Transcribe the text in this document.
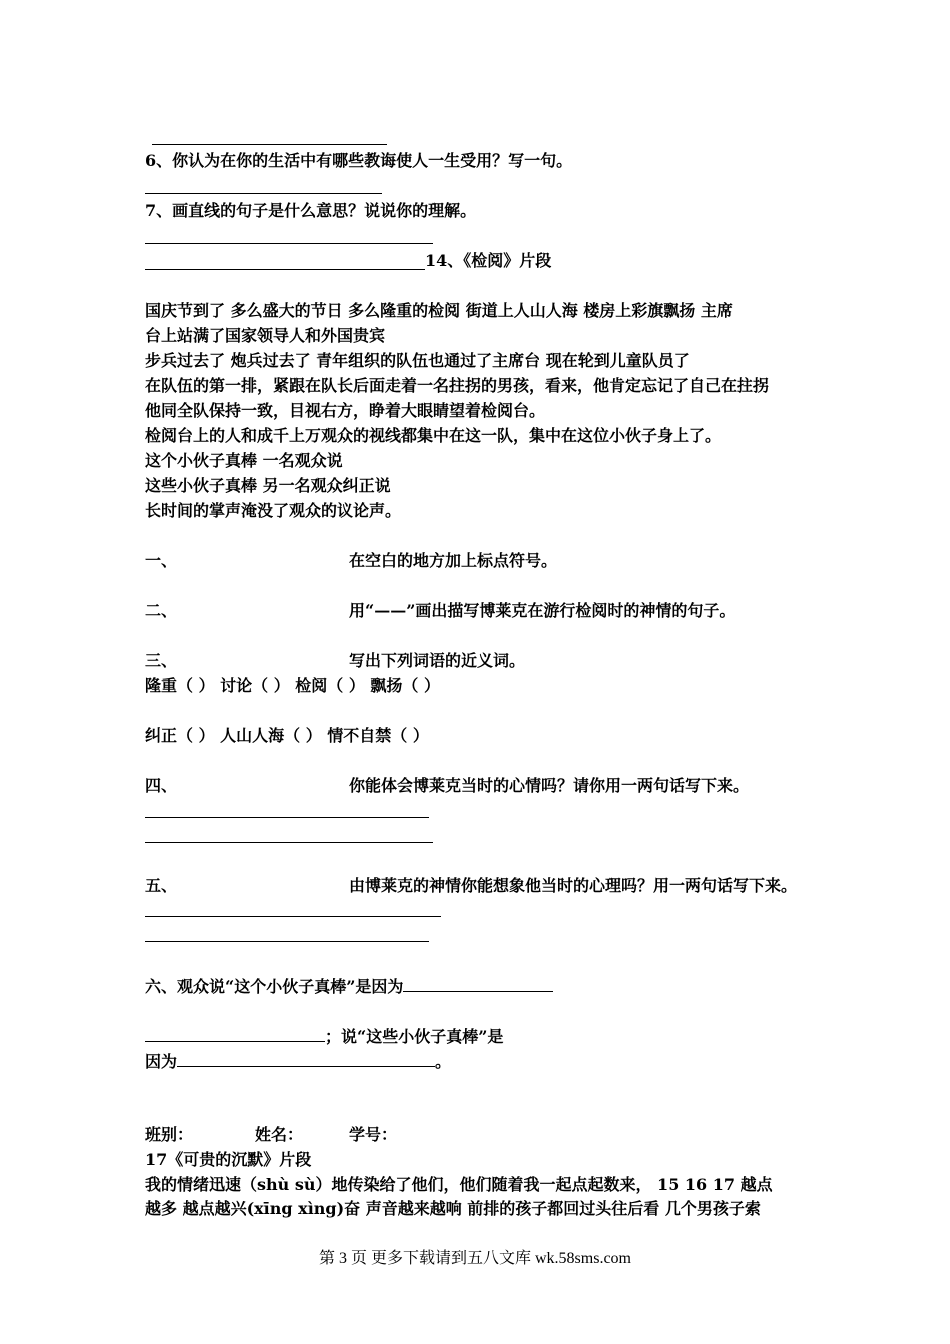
6、你认为在你的生活中有哪些教诲使人一生受用？写一句。
7、画直线的句子是什么意思？说说你的理解。
14、《检阅》片段
国庆节到了 多么盛大的节日 多么隆重的检阅 街道上人山人海 楼房上彩旗飘扬 主席
台上站满了国家领导人和外国贵宾
步兵过去了 炮兵过去了 青年组织的队伍也通过了主席台 现在轮到儿童队员了
在队伍的第一排，紧跟在队长后面走着一名拄拐的男孩，看来，他肯定忘记了自己在拄拐
他同全队保持一致，目视右方，睁着大眼睛望着检阅台。
检阅台上的人和成千上万观众的视线都集中在这一队，集中在这位小伙子身上了。
这个小伙子真棒 一名观众说
这些小伙子真棒 另一名观众纠正说
长时间的掌声淹没了观众的议论声。
一、	在空白的地方加上标点符号。
二、	用“——”画出描写博莱克在游行检阅时的神情的句子。
三、	写出下列词语的近义词。
隆重（ ） 讨论（ ） 检阅（ ） 飘扬（ ）
纠正（ ） 人山人海（ ） 情不自禁（ ）
四、	你能体会博莱克当时的心情吗？请你用一两句话写下来。
五、	由博莱克的神情你能想象他当时的心理吗？用一两句话写下来。
六、观众说“这个小伙子真棒”是因为
；说“这些小伙子真棒”是
因为	。
班别：	姓名：	学号：
17《可贵的沉默》片段
我的情绪迅速（shù sù）地传染给了他们，他们随着我一起点起数来， 15 16 17 越点
越多 越点越兴(xīng xìng)奋 声音越来越响 前排的孩子都回过头往后看 几个男孩子索
第 3 页 更多下载请到五八文库 wk.58sms.com
